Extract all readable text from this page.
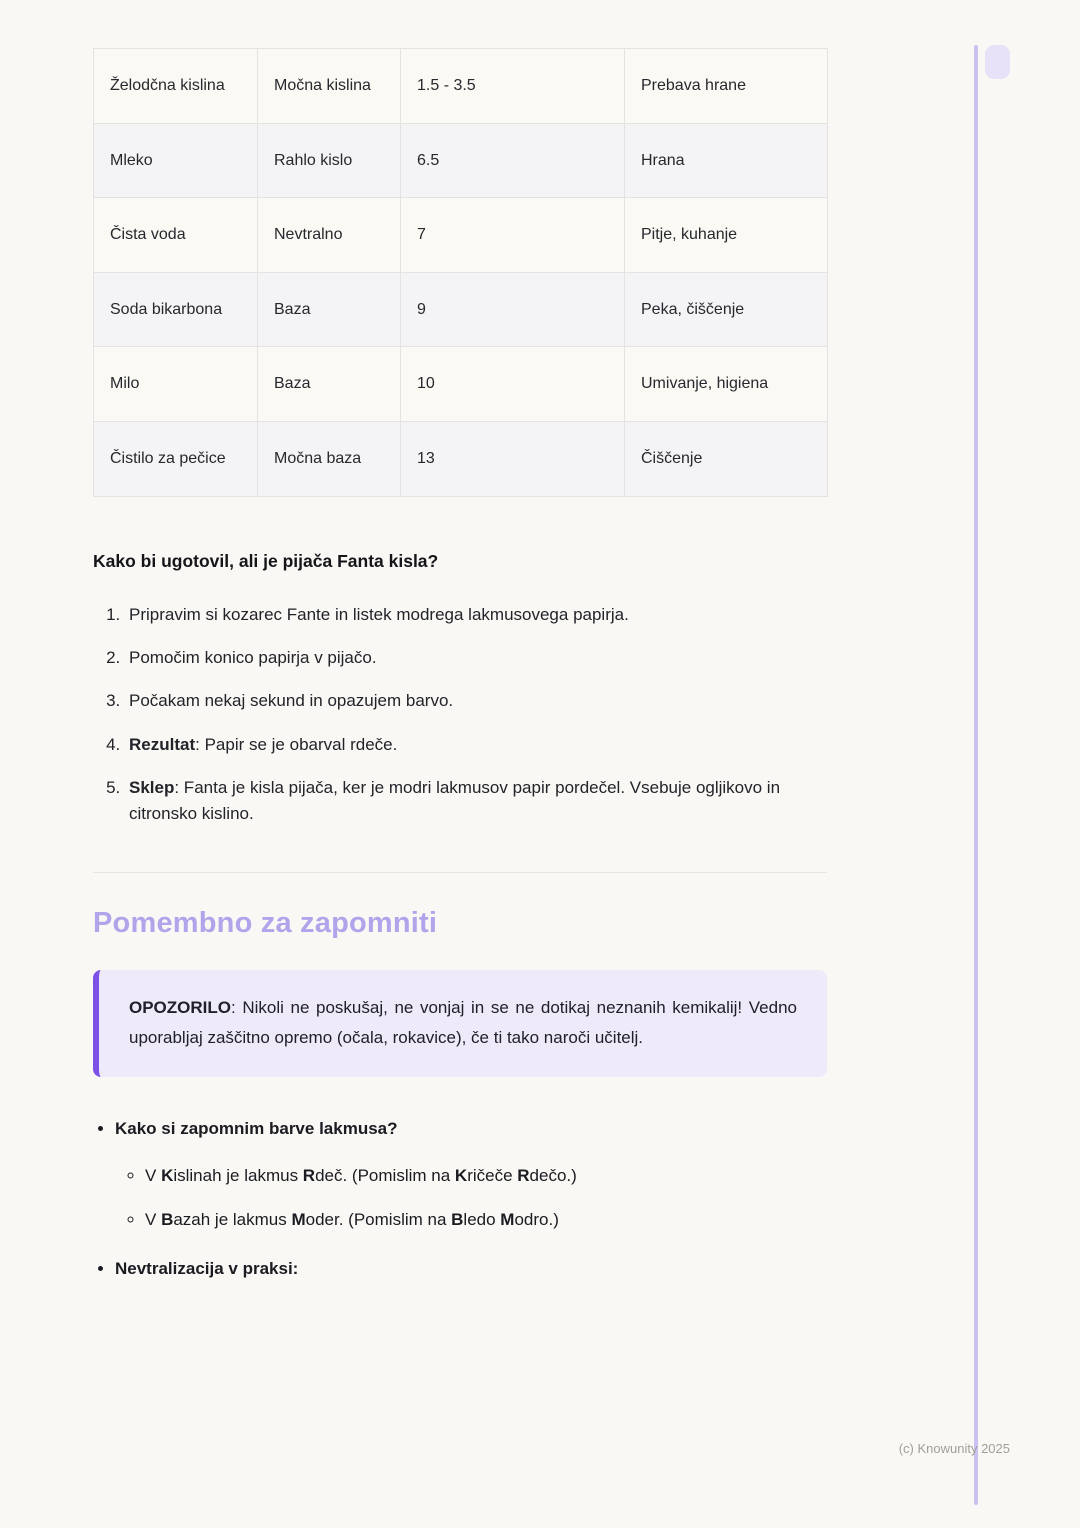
Želodčna kislina	Močna kislina	1.5 - 3.5	Prebava hrane
Mleko	Rahlo kislo	6.5	Hrana
Čista voda	Nevtralno	7	Pitje, kuhanje
Soda bikarbona	Baza	9	Peka, čiščenje
Milo	Baza	10	Umivanje, higiena
Čistilo za pečice	Močna baza	13	Čiščenje
Kako bi ugotovil, ali je pijača Fanta kisla?
1. Pripravim si kozarec Fante in listek modrega lakmusovega papirja.
2. Pomočim konico papirja v pijačo.
3. Počakam nekaj sekund in opazujem barvo.
4. Rezultat: Papir se je obarval rdeče.
5. Sklep: Fanta je kisla pijača, ker je modri lakmusov papir pordečel. Vsebuje ogljikovo in citronsko kislino.
Pomembno za zapomniti

OPOZORILO: Nikoli ne poskušaj, ne vonjaj in se ne dotikaj neznanih kemikalij! Vedno uporabljaj zaščitno opremo (očala, rokavice), če ti tako naroči učitelj.

• Kako si zapomnim barve lakmusa?
◦ V Kislinah je lakmus Rdeč. (Pomislim na Kričeče Rdečo.)
◦ V Bazah je lakmus Moder. (Pomislim na Bledo Modro.)
• Nevtralizacija v praksi:
(c) Knowunity 2025
